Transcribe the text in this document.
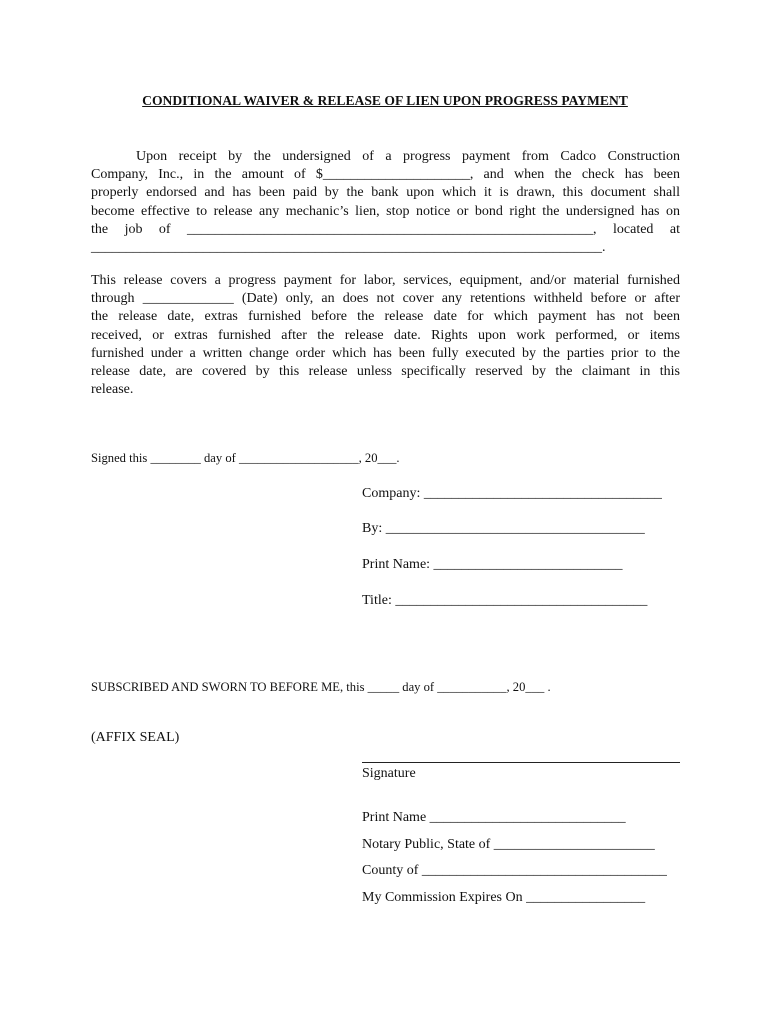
CONDITIONAL WAIVER & RELEASE OF LIEN UPON PROGRESS PAYMENT
Upon receipt by the undersigned of a progress payment from Cadco Construction
Company, Inc., in the amount of $_____________________, and when the check has been
properly endorsed and has been paid by the bank upon which it is drawn, this document shall
become effective to release any mechanic’s lien, stop notice or bond right the undersigned has on
the job of __________________________________________________________, located at
_________________________________________________________________________.
This release covers a progress payment for labor, services, equipment, and/or material furnished
through _____________ (Date) only, an does not cover any retentions withheld before or after
the release date, extras furnished before the release date for which payment has not been
received, or extras furnished after the release date. Rights upon work performed, or items
furnished under a written change order which has been fully executed by the parties prior to the
release date, are covered by this release unless specifically reserved by the claimant in this
release.
Signed this ________ day of ___________________, 20___.
Company: __________________________________
By: _____________________________________
Print Name: ___________________________
Title: ____________________________________
SUBSCRIBED AND SWORN TO BEFORE ME, this _____ day of ___________, 20___ .
(AFFIX SEAL)
Signature
Print Name ____________________________
Notary Public, State of _______________________
County of ___________________________________
My Commission Expires On _________________
